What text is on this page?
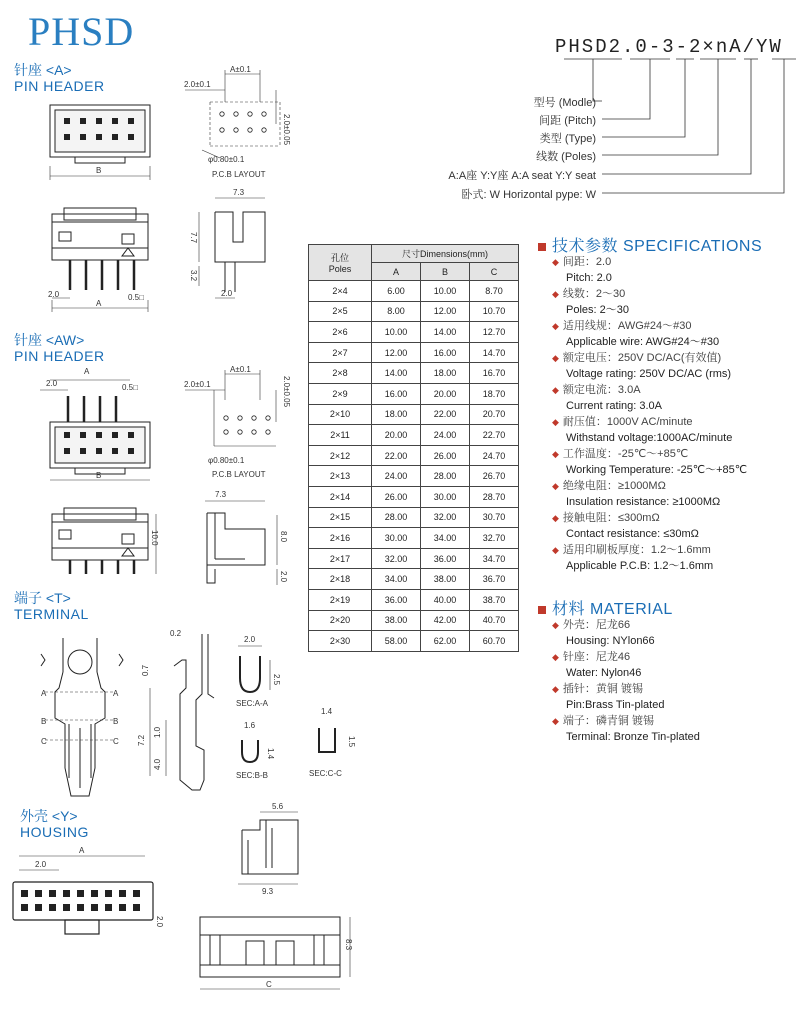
PHSD
针座 <A>
PIN HEADER
针座 <AW>
PIN HEADER
端子 <T>
TERMINAL
外壳 <Y>
HOUSING
PHSD2.0-3-2×nA/YW
型号 (Modle)
间距 (Pitch)
类型 (Type)
线数 (Poles)
A:A座 Y:Y座 A:A seat Y:Y seat
卧式: W Horizontal pype: W
B
A±0.1
2.0±0.1
2.0±0.05
φ0.80±0.1
P.C.B LAYOUT
2.0
A
0.5□
7.3
7.7
3.2
2.0
A
2.0	0.5□
B
A±0.1
2.0±0.1	2.0±0.05
φ0.80±0.1
P.C.B LAYOUT
10.0
7.3
8.0
2.0
A	A
B	B
C	C
0.2
0.7
7.2
1.0
4.0
2.0
2.5
SEC:A-A
1.6
1.4
SEC:B-B
1.4
1.5
SEC:C-C
A
2.0
2.0
5.6
9.3
8.3
C
孔位
Poles	尺寸Dimensions(mm)		
	A	B	C
2×4	6.00	10.00	8.70
2×5	8.00	12.00	10.70
2×6	10.00	14.00	12.70
2×7	12.00	16.00	14.70
2×8	14.00	18.00	16.70
2×9	16.00	20.00	18.70
2×10	18.00	22.00	20.70
2×11	20.00	24.00	22.70
2×12	22.00	26.00	24.70
2×13	24.00	28.00	26.70
2×14	26.00	30.00	28.70
2×15	28.00	32.00	30.70
2×16	30.00	34.00	32.70
2×17	32.00	36.00	34.70
2×18	34.00	38.00	36.70
2×19	36.00	40.00	38.70
2×20	38.00	42.00	40.70
2×30	58.00	62.00	60.70
技术参数 SPECIFICATIONS
◆ 间距：2.0
Pitch: 2.0
◆ 线数：2～30
Poles: 2～30
◆ 适用线规：AWG#24～#30
Applicable wire: AWG#24～#30
◆ 额定电压：250V DC/AC(有效值)
Voltage rating: 250V DC/AC (rms)
◆ 额定电流：3.0A
Current rating: 3.0A
◆ 耐压值：1000V AC/minute
Withstand voltage:1000AC/minute
◆ 工作温度：-25℃～+85℃
Working Temperature: -25℃～+85℃
◆ 绝缘电阻：≥1000MΩ
Insulation resistance: ≥1000MΩ
◆ 接触电阻：≤300mΩ
Contact resistance: ≤30mΩ
◆ 适用印刷板厚度：1.2～1.6mm
Applicable P.C.B: 1.2～1.6mm
材料 MATERIAL
◆ 外壳：尼龙66
Housing: NYlon66
◆ 针座：尼龙46
Water: Nylon46
◆ 插针：黄铜 镀锡
Pin:Brass Tin-plated
◆ 端子：磷青铜 镀锡
Terminal: Bronze Tin-plated
